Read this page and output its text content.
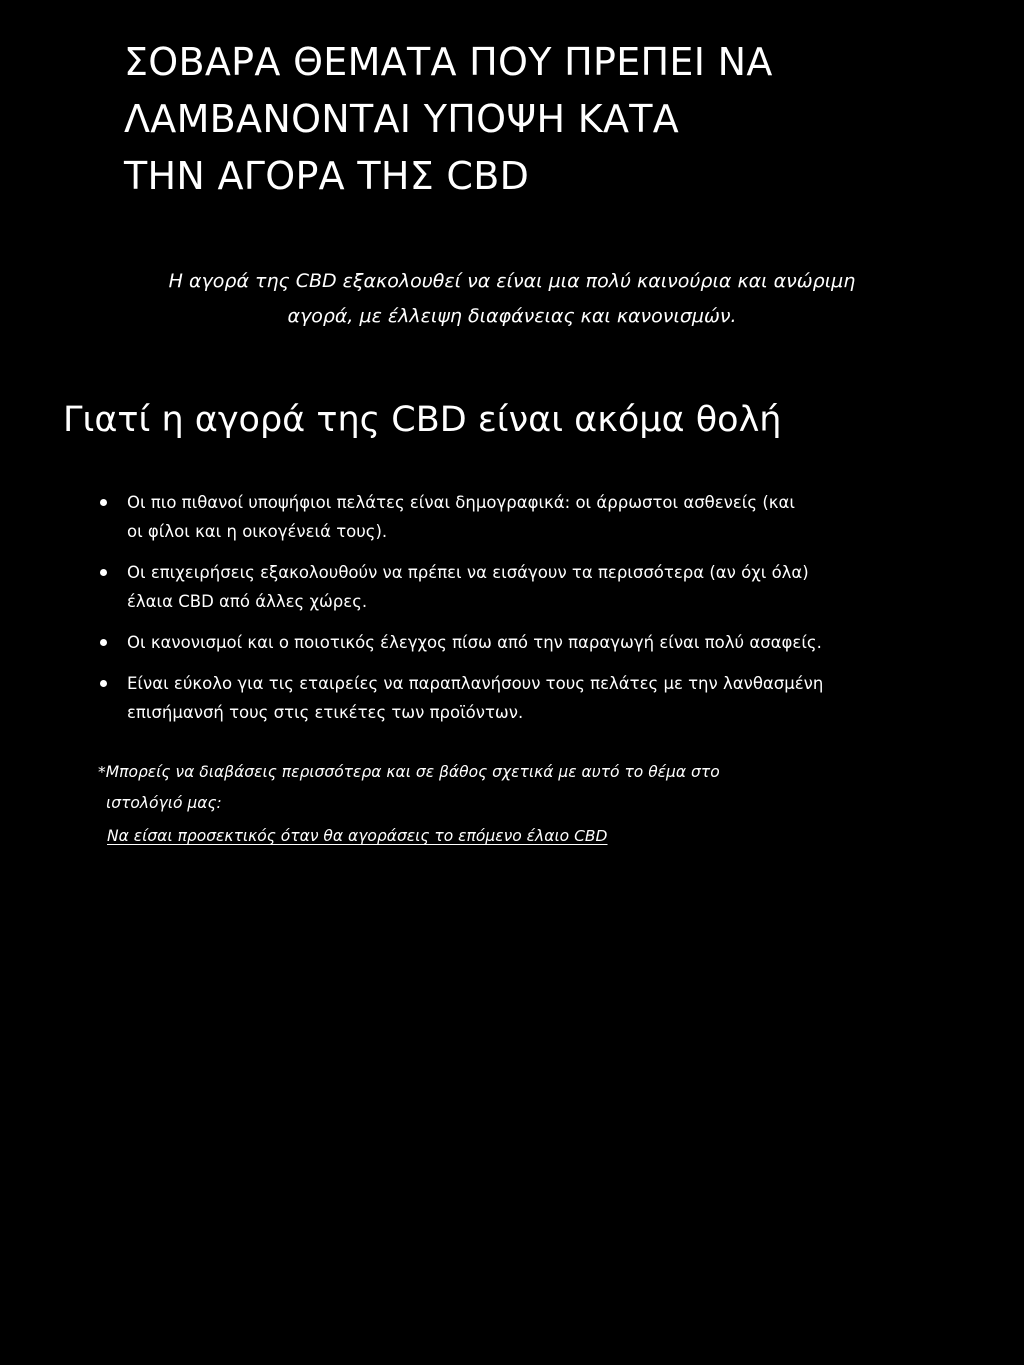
ΣΟΒΑΡΑ ΘΕΜΑΤΑ ΠΟΥ ΠΡΕΠΕΙ ΝΑ
ΛΑΜΒΑΝΟΝΤΑΙ ΥΠΟΨΗ ΚΑΤΑ
ΤΗΝ ΑΓΟΡΑ ΤΗΣ CBD

Η αγορά της CBD εξακολουθεί να είναι μια πολύ καινούρια και ανώριμη
αγορά, με έλλειψη διαφάνειας και κανονισμών.

Γιατί η αγορά της CBD είναι ακόμα θολή
Οι πιο πιθανοί υποψήφιοι πελάτες είναι δημογραφικά: οι άρρωστοι ασθενείς (και
οι φίλοι και η οικογένειά τους).
Οι επιχειρήσεις εξακολουθούν να πρέπει να εισάγουν τα περισσότερα (αν όχι όλα)
έλαια CBD από άλλες χώρες.
Οι κανονισμοί και ο ποιοτικός έλεγχος πίσω από την παραγωγή είναι πολύ ασαφείς.
Είναι εύκολο για τις εταιρείες να παραπλανήσουν τους πελάτες με την λανθασμένη
επισήμανσή τους στις ετικέτες των προϊόντων.

*Μπορείς να διαβάσεις περισσότερα και σε βάθος σχετικά με αυτό το θέμα στο
ιστολόγιό μας:

Να είσαι προσεκτικός όταν θα αγοράσεις το επόμενο έλαιο CBD
